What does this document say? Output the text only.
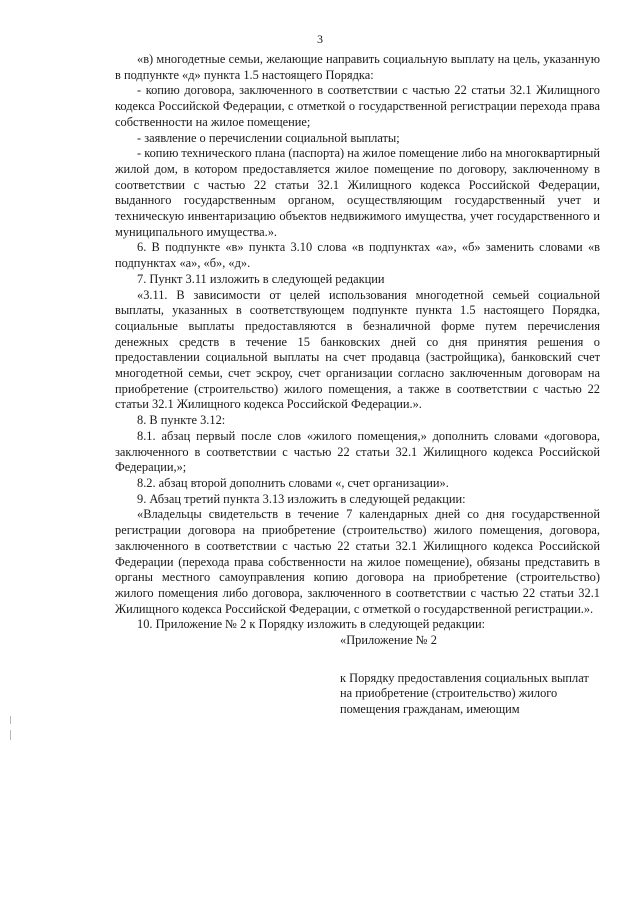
3

«в) многодетные семьи, желающие направить социальную выплату на цель, указанную в подпункте «д» пункта 1.5 настоящего Порядка:

- копию договора, заключенного в соответствии с частью 22 статьи 32.1 Жилищного кодекса Российской Федерации, с отметкой о государственной регистрации перехода права собственности на жилое помещение;

- заявление о перечислении социальной выплаты;

- копию технического плана (паспорта) на жилое помещение либо на многоквартирный жилой дом, в котором предоставляется жилое помещение по договору, заключенному в соответствии с частью 22 статьи 32.1 Жилищного кодекса Российской Федерации, выданного государственным органом, осуществляющим государственный учет и техническую инвентаризацию объектов недвижимого имущества, учет государственного и муниципального имущества.».

6. В подпункте «в» пункта 3.10 слова «в подпунктах «а», «б» заменить словами «в подпунктах «а», «б», «д».

7. Пункт 3.11 изложить в следующей редакции

«3.11. В зависимости от целей использования многодетной семьей социальной выплаты, указанных в соответствующем подпункте пункта 1.5 настоящего Порядка, социальные выплаты предоставляются в безналичной форме путем перечисления денежных средств в течение 15 банковских дней со дня принятия решения о предоставлении социальной выплаты на счет продавца (застройщика), банковский счет многодетной семьи, счет эскроу, счет организации согласно заключенным договорам на приобретение (строительство) жилого помещения, а также в соответствии с частью 22 статьи 32.1 Жилищного кодекса Российской Федерации.».

8. В пункте 3.12:

8.1. абзац первый после слов «жилого помещения,» дополнить словами «договора, заключенного в соответствии с частью 22 статьи 32.1 Жилищного кодекса Российской Федерации,»;

8.2. абзац второй дополнить словами «, счет организации».

9. Абзац третий пункта 3.13 изложить в следующей редакции:

«Владельцы свидетельств в течение 7 календарных дней со дня государственной регистрации договора на приобретение (строительство) жилого помещения, договора, заключенного в соответствии с частью 22 статьи 32.1 Жилищного кодекса Российской Федерации (перехода права собственности на жилое помещение), обязаны представить в органы местного самоуправления копию договора на приобретение (строительство) жилого помещения либо договора, заключенного в соответствии с частью 22 статьи 32.1 Жилищного кодекса Российской Федерации, с отметкой о государственной регистрации.».

10. Приложение № 2 к Порядку изложить в следующей редакции:

«Приложение № 2

к Порядку предоставления социальных выплат на приобретение (строительство) жилого помещения гражданам, имеющим
